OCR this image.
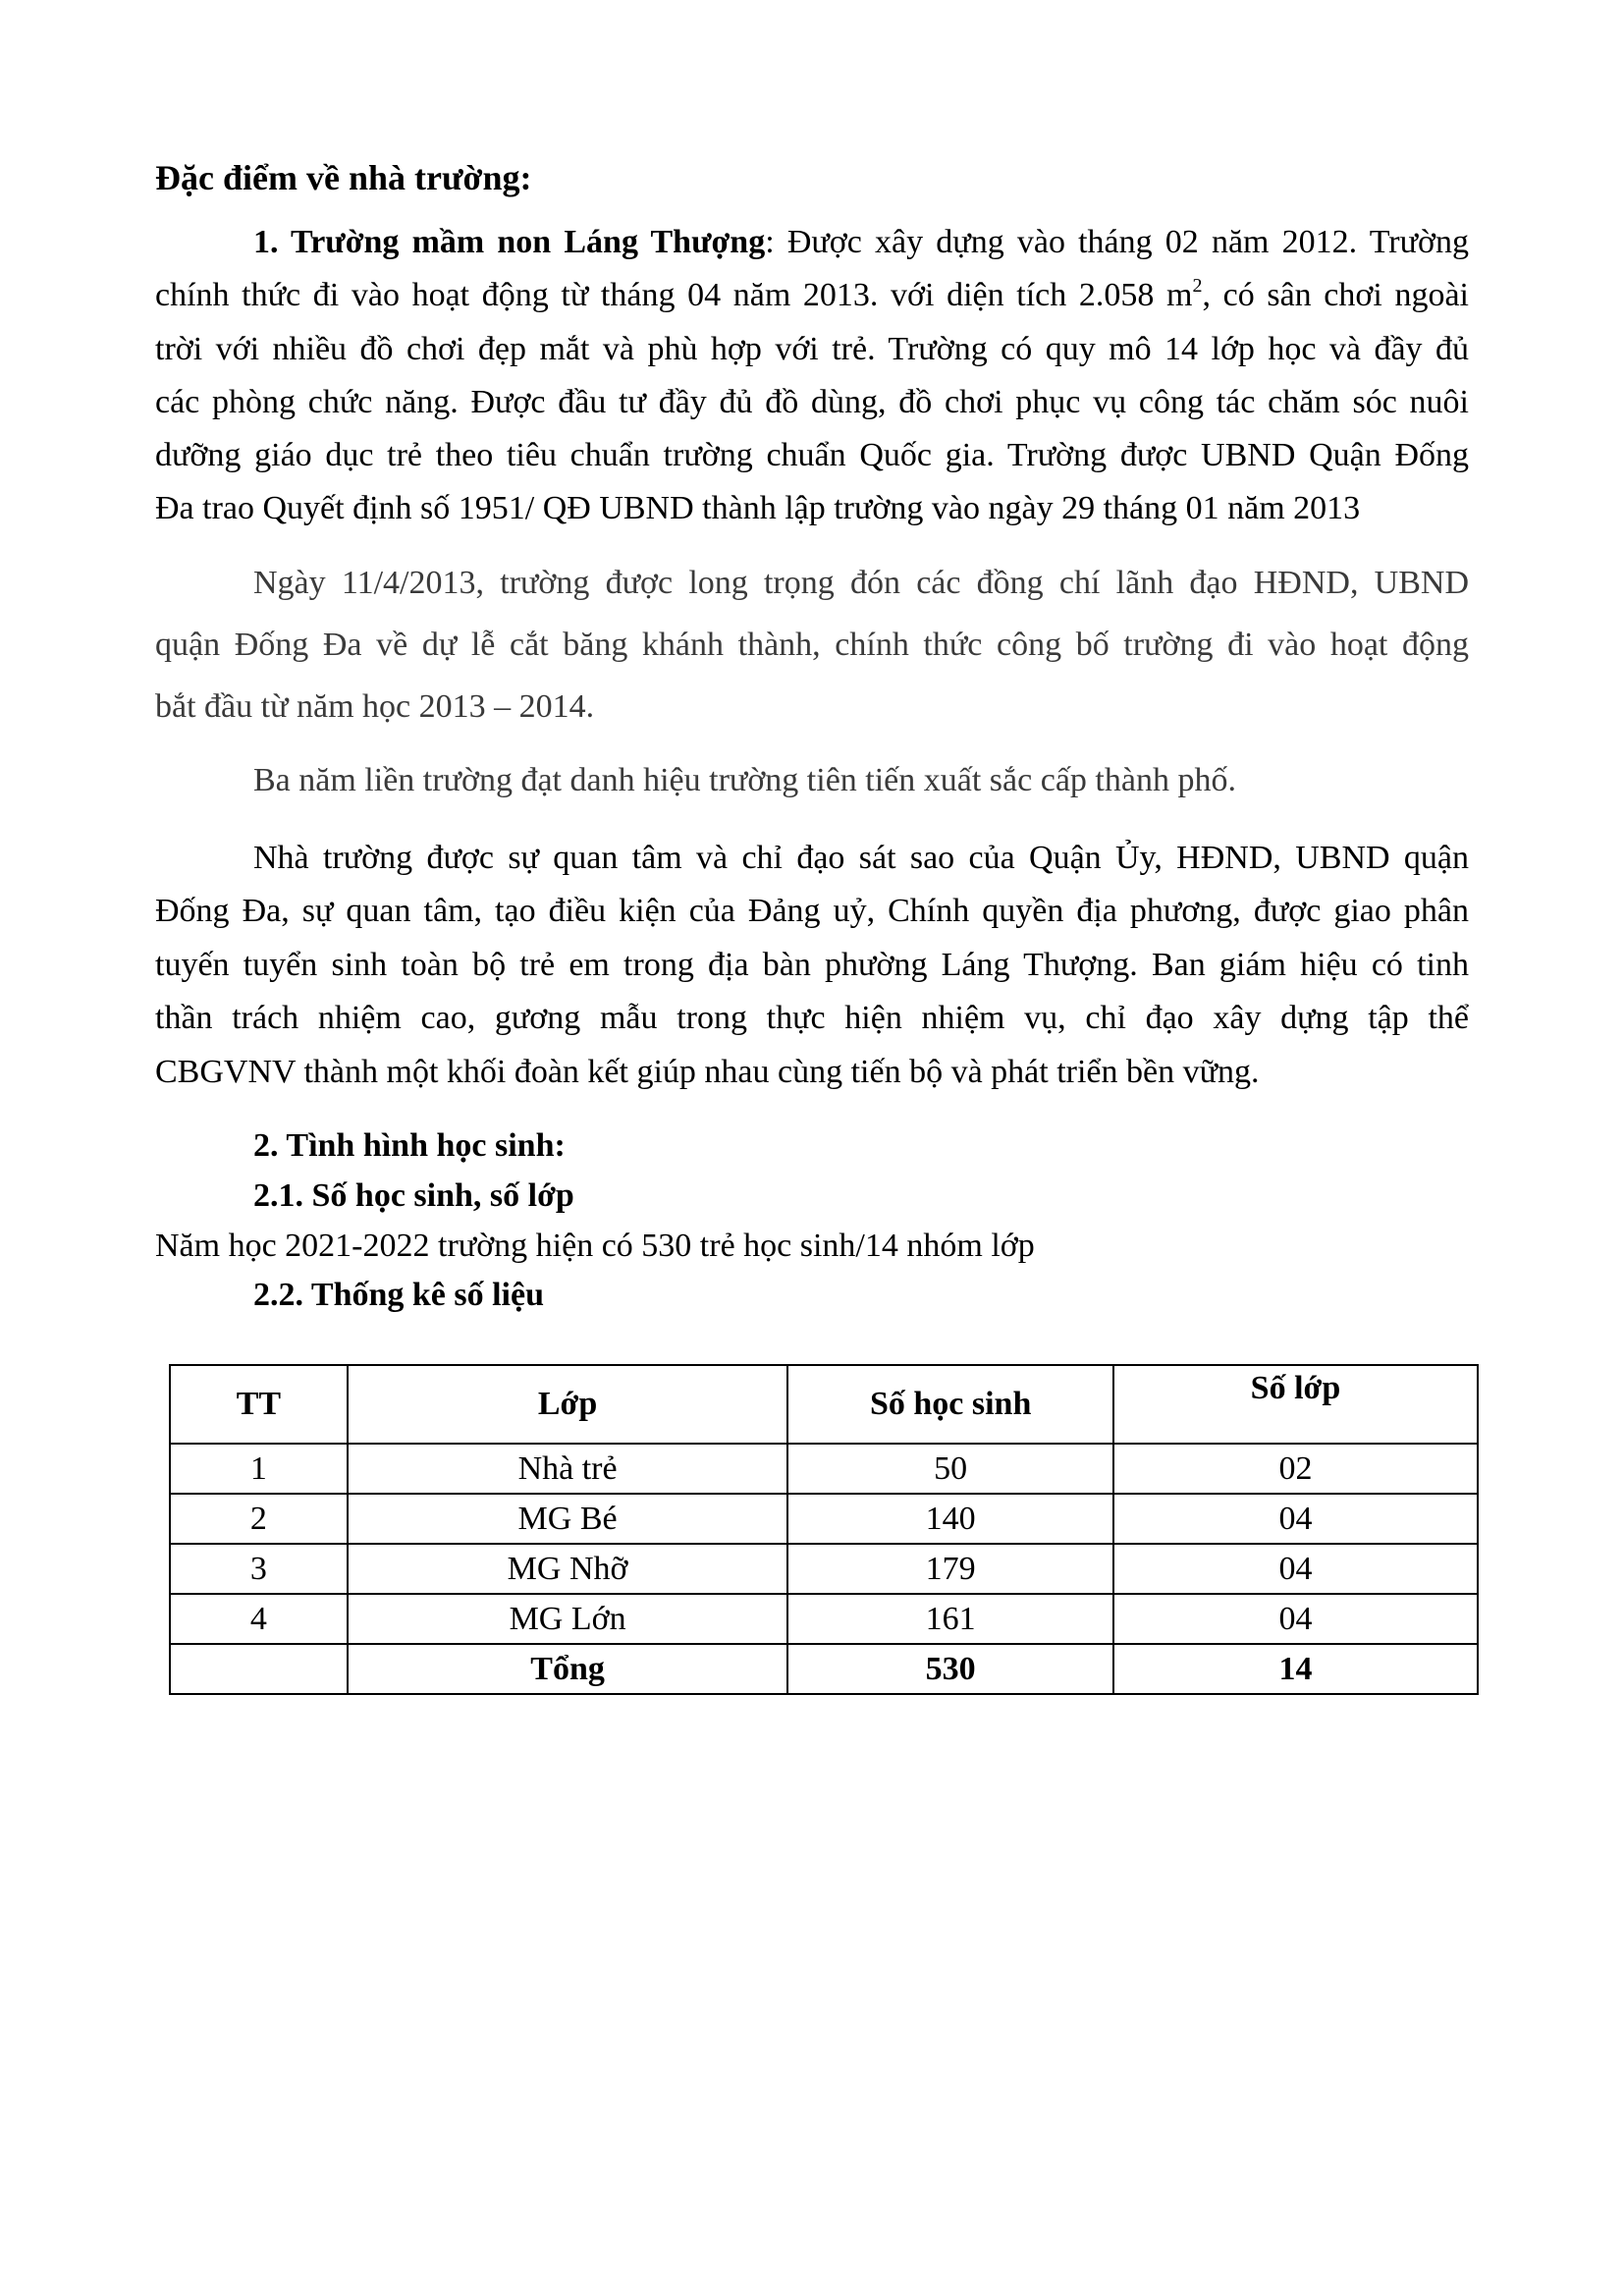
Đặc điểm về nhà trường:
1. Trường mầm non Láng Thượng: Được xây dựng vào tháng 02 năm 2012. Trường
chính thức đi vào hoạt động từ tháng 04 năm 2013. với diện tích 2.058 $m^2$, có sân chơi ngoài
trời với nhiều đồ chơi đẹp mắt và phù hợp với trẻ. Trường có quy mô 14 lớp học và đầy đủ
các phòng chức năng. Được đầu tư đầy đủ đồ dùng, đồ chơi phục vụ công tác chăm sóc nuôi
dưỡng giáo dục trẻ theo tiêu chuẩn trường chuẩn Quốc gia. Trường được UBND Quận Đống
Đa trao Quyết định số 1951/ QĐ UBND thành lập trường vào ngày 29 tháng 01 năm 2013
Ngày 11/4/2013, trường được long trọng đón các đồng chí lãnh đạo HĐND, UBND
quận Đống Đa về dự lễ cắt băng khánh thành, chính thức công bố trường đi vào hoạt động
bắt đầu từ năm học 2013 – 2014.
Ba năm liền trường đạt danh hiệu trường tiên tiến xuất sắc cấp thành phố.
Nhà trường được sự quan tâm và chỉ đạo sát sao của Quận Ủy, HĐND, UBND quận
Đống Đa, sự quan tâm, tạo điều kiện của Đảng uỷ, Chính quyền địa phương, được giao phân
tuyến tuyển sinh toàn bộ trẻ em trong địa bàn phường Láng Thượng. Ban giám hiệu có tinh
thần trách nhiệm cao, gương mẫu trong thực hiện nhiệm vụ, chỉ đạo xây dựng tập thể
CBGVNV thành một khối đoàn kết giúp nhau cùng tiến bộ và phát triển bền vững.
2. Tình hình học sinh:
2.1. Số học sinh, số lớp
Năm học 2021-2022 trường hiện có 530 trẻ học sinh/14 nhóm lớp
2.2. Thống kê số liệu
TT	Lớp	Số học sinh	Số lớp
1	Nhà trẻ	50	02
2	MG Bé	140	04
3	MG Nhỡ	179	04
4	MG Lớn	161	04
	Tổng	530	14
